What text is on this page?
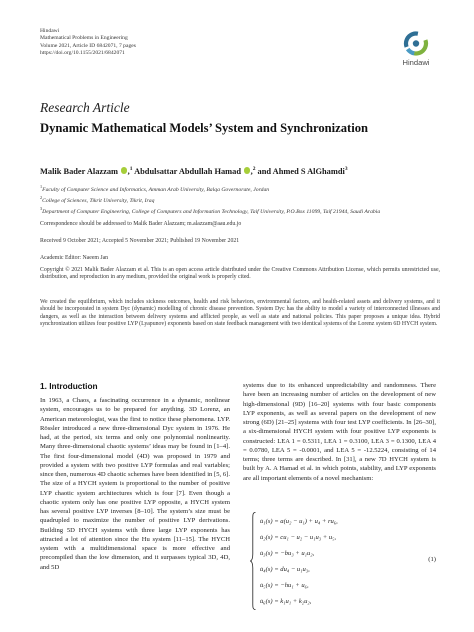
Hindawi
Mathematical Problems in Engineering
Volume 2021, Article ID 6842071, 7 pages
https://doi.org/10.1155/2021/6842071
Hindawi
Research Article
Dynamic Mathematical Models’ System and Synchronization
Malik Bader Alazzam ,$^1$ Abdulsattar Abdullah Hamad ,$^2$ and Ahmed S AlGhamdi$^3$

$^1$Faculty of Computer Science and Informatics, Amman Arab University, Balqa Governorate, Jordan

$^2$College of Sciences, Tikrit University, Tikrit, Iraq

$^3$Department of Computer Engineering, College of Computers and Information Technology, Taif University, P.O.Box 11099, Taif 21944, Saudi Arabia

Correspondence should be addressed to Malik Bader Alazzam; m.alazzam@aau.edu.jo
Received 9 October 2021; Accepted 5 November 2021; Published 19 November 2021
Academic Editor: Naeem Jan
Copyright © 2021 Malik Bader Alazzam et al. This is an open access article distributed under the Creative Commons Attribution License, which permits unrestricted use, distribution, and reproduction in any medium, provided the original work is properly cited.
We created the equilibrium, which includes sickness outcomes, health and risk behaviors, environmental factors, and health-related assets and delivery systems, and it should be incorporated in system Dyc (dynamic) modelling of chronic disease prevention. System Dyc has the ability to model a variety of interconnected illnesses and dangers, as well as the interaction between delivery systems and afflicted people, as well as state and national policies. This paper proposes a unique idea. Hybrid synchronization utilizes four positive LYP (Lyapunov) exponents based on state feedback management with two identical systems of the Lorenz system 6D HYCH system.
1. Introduction
In 1963, a Chaos, a fascinating occurrence in a dynamic, nonlinear system, encourages us to be prepared for anything. 3D Lorenz, an American meteorologist, was the first to notice these phenomena. LYP. Rössler introduced a new three-dimensional Dyc system in 1976. He had, at the period, six terms and only one polynomial nonlinearity. Many three-dimensional chaotic systems’ ideas may be found in [1–4]. The first four-dimensional model (4D) was proposed in 1979 and provided a system with two positive LYP formulas and real variables; since then, numerous 4D chaotic schemes have been identified in [5, 6]. The size of a HYCH system is proportional to the number of positive LYP chaotic system architectures which is four [7]. Even though a chaotic system only has one positive LYP opposite, a HYCH system has several positive LYP inverses [8–10]. The system’s size must be quadrupled to maximize the number of positive LYP derivations. Building 5D HYCH systems with three large LYP exponents has attracted a lot of attention since the Hu system [11–15]. The HYCH system with a multidimensional space is more effective and precompiled than the low dimension, and it surpasses typical 3D, 4D, and 5D
systems due to its enhanced unpredictability and randomness. There have been an increasing number of articles on the development of new high-dimensional (9D) [16–20] systems with four basic components LYP exponents, as well as several papers on the development of new strong (6D) [21–25] systems with four test LYP coefficients. In [26–30], a six-dimensional HYCH system with four positive LYP exponents is constructed: LEA 1 = 0.5311, LEA 1 = 0.3100, LEA 3 = 0.1300, LEA 4 = 0.0780, LEA 5 = -0.0001, and LEA 5 = -12.5224, consisting of 14 terms; three terms are described. In [31], a new 7D HYCH system is built by A. A Hamad et al. in which points, stability, and LYP exponents are all important elements of a novel mechanism:
u̇₁(s) = a(u₂ − u₁) + u₄ + ru₆,
u̇₂(s) = cu₁ − u₂ − u₁u₃ + u₅,
u̇₃(s) = −bu₃ + u₁u₂,
u̇₄(s) = du₄ − u₁u₃,
u̇₅(s) = −hu₁ + u₆,
u̇₆(s) = k₁u₁ + k₂u₂,
(1)
